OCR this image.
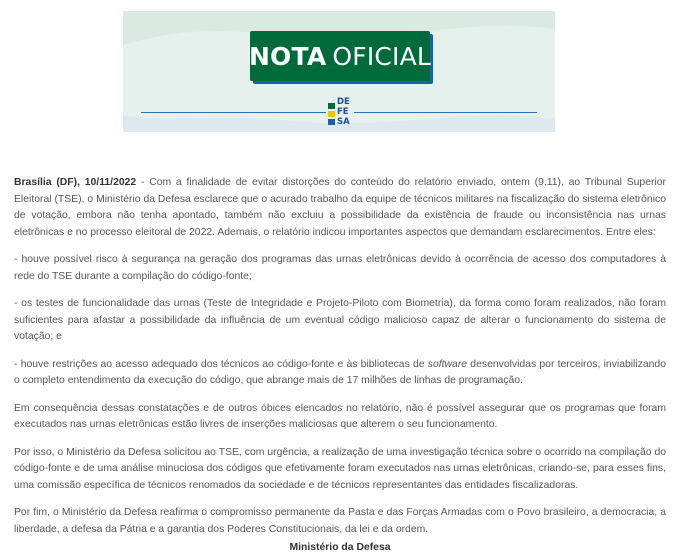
NOTA OFICIAL
DE
FE
SA

Brasília (DF), 10/11/2022 - Com a finalidade de evitar distorções do conteúdo do relatório enviado, ontem (9.11), ao Tribunal Superior Eleitoral (TSE), o Ministério da Defesa esclarece que o acurado trabalho da equipe de técnicos militares na fiscalização do sistema eletrônico de votação, embora não tenha apontado, também não excluiu a possibilidade da existência de fraude ou inconsistência nas urnas eletrônicas e no processo eleitoral de 2022. Ademais, o relatório indicou importantes aspectos que demandam esclarecimentos. Entre eles:

- houve possível risco à segurança na geração dos programas das urnas eletrônicas devido à ocorrência de acesso dos computadores à rede do TSE durante a compilação do código-fonte;

- os testes de funcionalidade das urnas (Teste de Integridade e Projeto-Piloto com Biometria), da forma como foram realizados, não foram suficientes para afastar a possibilidade da influência de um eventual código malicioso capaz de alterar o funcionamento do sistema de votação; e

- houve restrições ao acesso adequado dos técnicos ao código-fonte e às bibliotecas de software desenvolvidas por terceiros, inviabilizando o completo entendimento da execução do código, que abrange mais de 17 milhões de linhas de programação.

Em consequência dessas constatações e de outros óbices elencados no relatório, não é possível assegurar que os programas que foram executados nas urnas eletrônicas estão livres de inserções maliciosas que alterem o seu funcionamento.

Por isso, o Ministério da Defesa solicitou ao TSE, com urgência, a realização de uma investigação técnica sobre o ocorrido na compilação do código-fonte e de uma análise minuciosa dos códigos que efetivamente foram executados nas urnas eletrônicas, criando-se, para esses fins, uma comissão específica de técnicos renomados da sociedade e de técnicos representantes das entidades fiscalizadoras.

Por fim, o Ministério da Defesa reafirma o compromisso permanente da Pasta e das Forças Armadas com o Povo brasileiro, a democracia, a liberdade, a defesa da Pátria e a garantia dos Poderes Constitucionais, da lei e da ordem.

Ministério da Defesa
